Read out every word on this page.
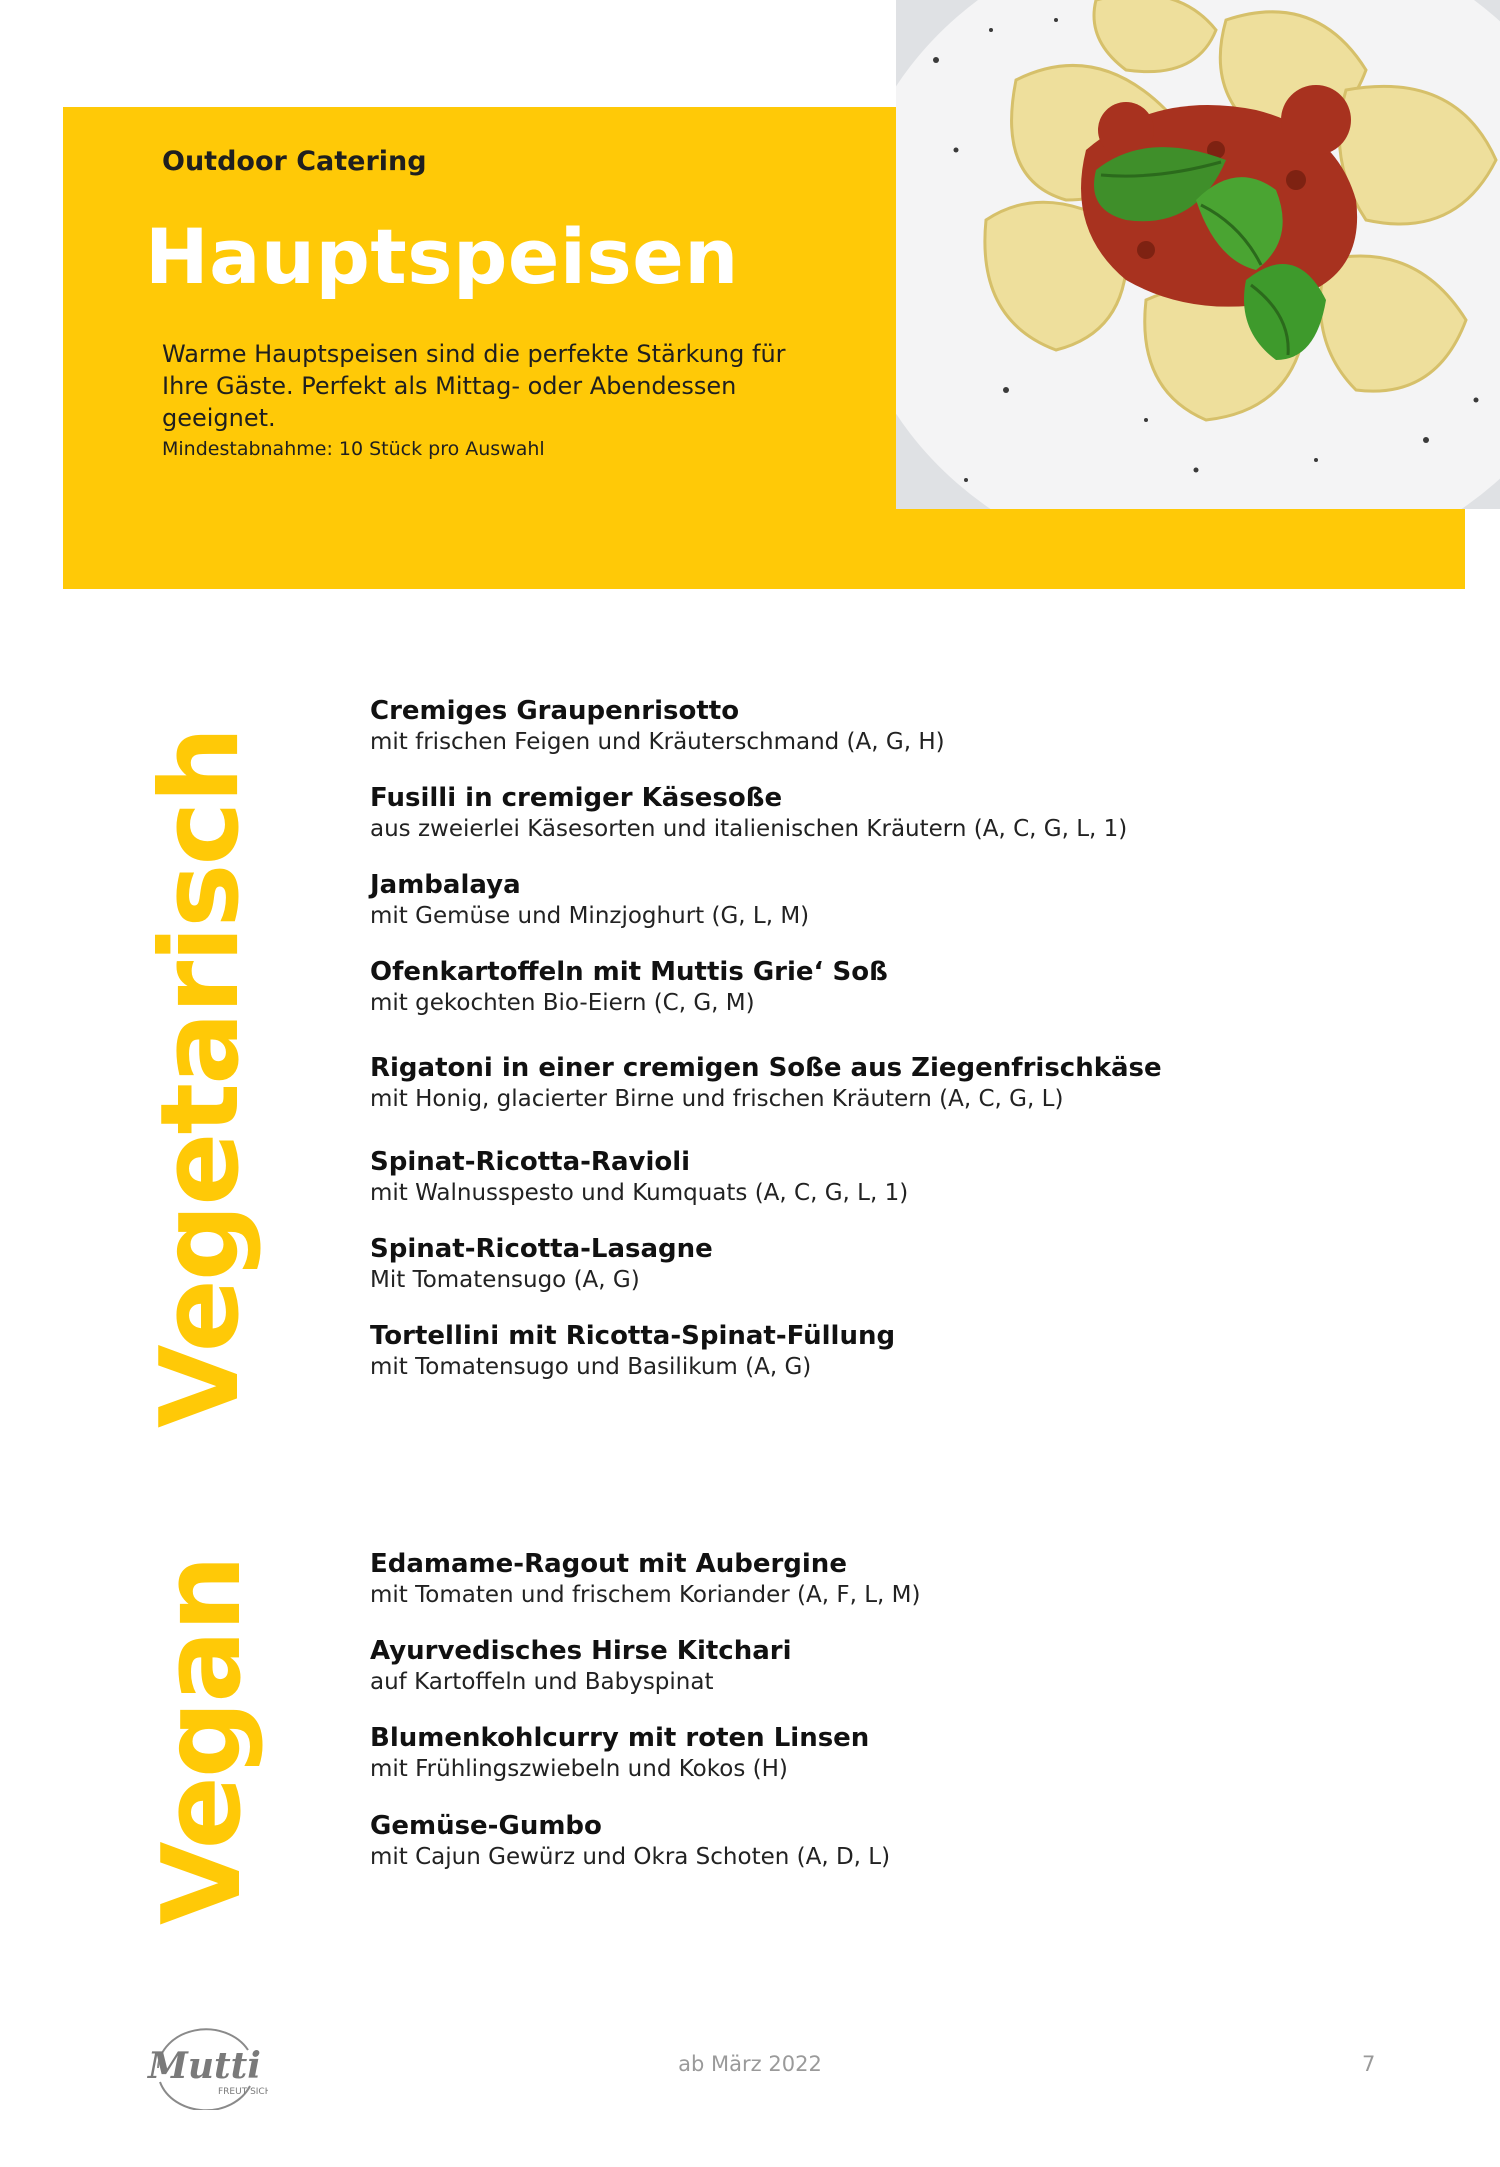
Outdoor Catering
Hauptspeisen
Warme Hauptspeisen sind die perfekte Stärkung für Ihre Gäste. Perfekt als Mittag- oder Abendessen geeignet.
Mindestabnahme: 10 Stück pro Auswahl
Vegetarisch
Vegan
Cremiges Graupenrisotto
mit frischen Feigen und Kräuterschmand (A, G, H)
Fusilli in cremiger Käsesoße
aus zweierlei Käsesorten und italienischen Kräutern (A, C, G, L, 1)
Jambalaya
mit Gemüse und Minzjoghurt (G, L, M)
Ofenkartoffeln mit Muttis Grie‘ Soß
mit gekochten Bio-Eiern (C, G, M)
Rigatoni in einer cremigen Soße aus Ziegenfrischkäse
mit Honig, glacierter Birne und frischen Kräutern (A, C, G, L)
Spinat-Ricotta-Ravioli
mit Walnusspesto und Kumquats (A, C, G, L, 1)
Spinat-Ricotta-Lasagne
Mit Tomatensugo (A, G)
Tortellini mit Ricotta-Spinat-Füllung
mit Tomatensugo und Basilikum (A, G)
Edamame-Ragout mit Aubergine
mit Tomaten und frischem Koriander (A, F, L, M)
Ayurvedisches Hirse Kitchari
auf Kartoffeln und Babyspinat
Blumenkohlcurry mit roten Linsen
mit Frühlingszwiebeln und Kokos (H)
Gemüse-Gumbo
mit Cajun Gewürz und Okra Schoten (A, D, L)
Mutti
FREUT SICH
ab März 2022	7
